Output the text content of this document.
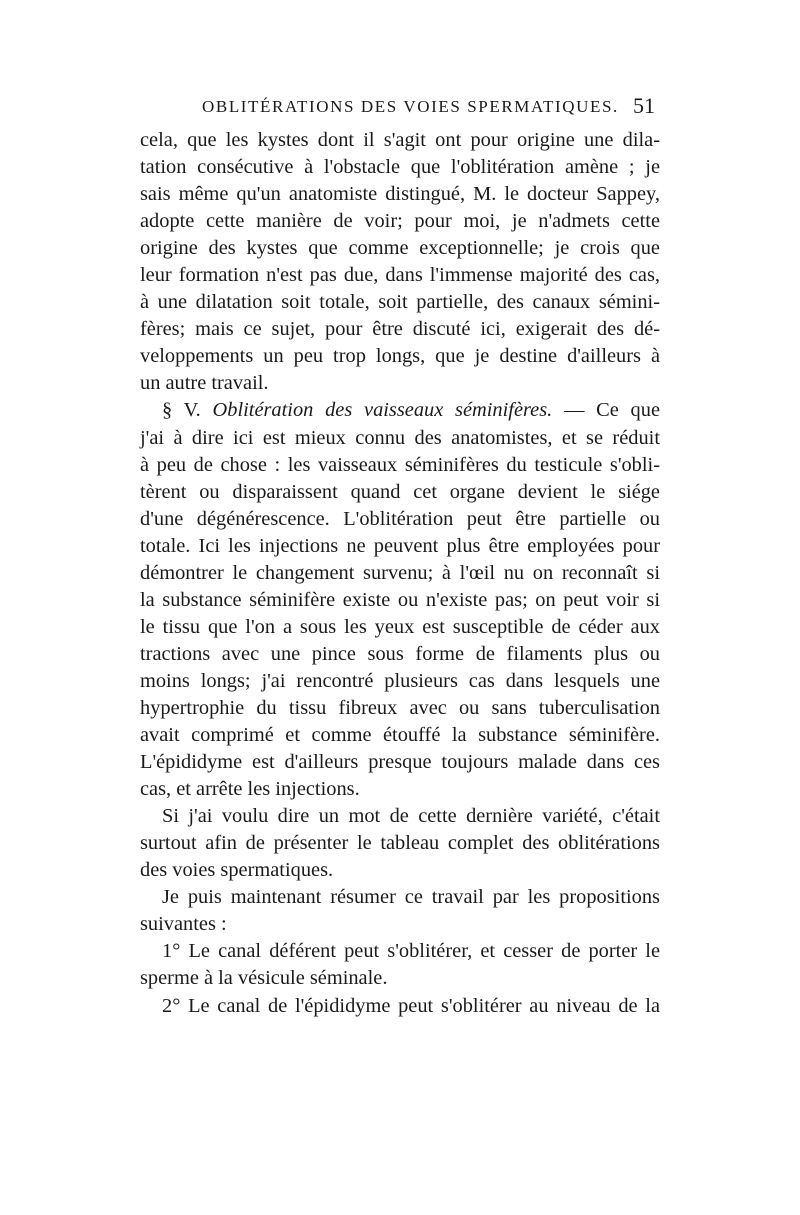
OBLITÉRATIONS DES VOIES SPERMATIQUES. 51
cela, que les kystes dont il s'agit ont pour origine une dila-
tation consécutive à l'obstacle que l'oblitération amène ; je
sais même qu'un anatomiste distingué, M. le docteur Sappey,
adopte cette manière de voir; pour moi, je n'admets cette
origine des kystes que comme exceptionnelle; je crois que
leur formation n'est pas due, dans l'immense majorité des cas,
à une dilatation soit totale, soit partielle, des canaux sémini-
fères; mais ce sujet, pour être discuté ici, exigerait des dé-
veloppements un peu trop longs, que je destine d'ailleurs à
un autre travail.
§ V. Oblitération des vaisseaux séminifères. — Ce que
j'ai à dire ici est mieux connu des anatomistes, et se réduit
à peu de chose : les vaisseaux séminifères du testicule s'obli-
tèrent ou disparaissent quand cet organe devient le siége
d'une dégénérescence. L'oblitération peut être partielle ou
totale. Ici les injections ne peuvent plus être employées pour
démontrer le changement survenu; à l'œil nu on reconnaît si
la substance séminifère existe ou n'existe pas; on peut voir si
le tissu que l'on a sous les yeux est susceptible de céder aux
tractions avec une pince sous forme de filaments plus ou
moins longs; j'ai rencontré plusieurs cas dans lesquels une
hypertrophie du tissu fibreux avec ou sans tuberculisation
avait comprimé et comme étouffé la substance séminifère.
L'épididyme est d'ailleurs presque toujours malade dans ces
cas, et arrête les injections.
Si j'ai voulu dire un mot de cette dernière variété, c'était
surtout afin de présenter le tableau complet des oblitérations
des voies spermatiques.
Je puis maintenant résumer ce travail par les propositions
suivantes :
1° Le canal déférent peut s'oblitérer, et cesser de porter le
sperme à la vésicule séminale.
2° Le canal de l'épididyme peut s'oblitérer au niveau de la
